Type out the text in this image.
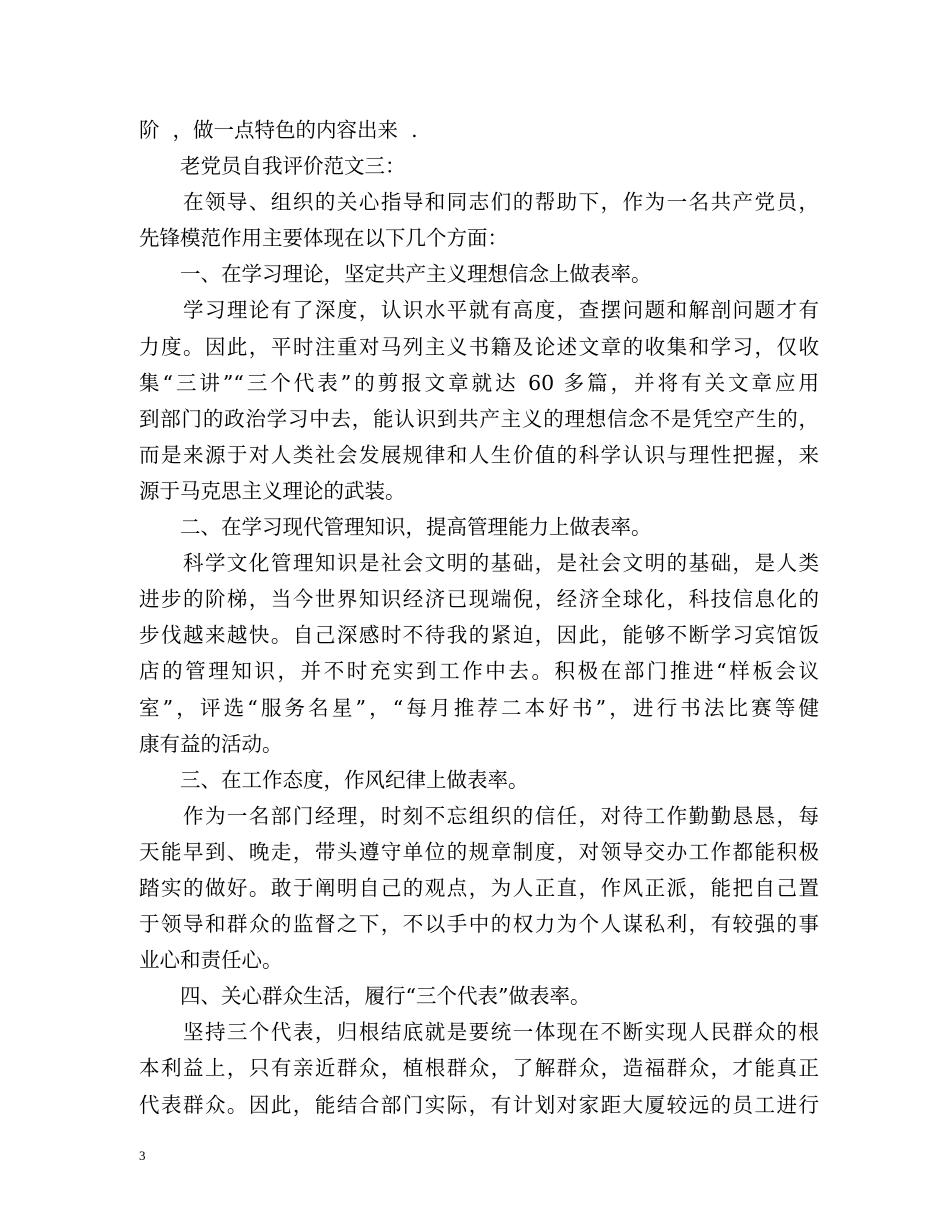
阶  ，做一点特色的内容出来  .
　　老党员自我评价范文三：
　　在领导、组织的关心指导和同志们的帮助下，作为一名共产党员，
先锋模范作用主要体现在以下几个方面：
　　一、在学习理论，坚定共产主义理想信念上做表率。
　　学习理论有了深度，认识水平就有高度，查摆问题和解剖问题才有
力度。因此，平时注重对马列主义书籍及论述文章的收集和学习，仅收
集“三讲”“三个代表”的剪报文章就达 60 多篇，并将有关文章应用
到部门的政治学习中去，能认识到共产主义的理想信念不是凭空产生的，
而是来源于对人类社会发展规律和人生价值的科学认识与理性把握，来
源于马克思主义理论的武装。
　　二、在学习现代管理知识，提高管理能力上做表率。
　　科学文化管理知识是社会文明的基础，是社会文明的基础，是人类
进步的阶梯，当今世界知识经济已现端倪，经济全球化，科技信息化的
步伐越来越快。自己深感时不待我的紧迫，因此，能够不断学习宾馆饭
店的管理知识，并不时充实到工作中去。积极在部门推进“样板会议
室”，评选“服务名星”，“每月推荐二本好书”，进行书法比赛等健
康有益的活动。
　　三、在工作态度，作风纪律上做表率。
　　作为一名部门经理，时刻不忘组织的信任，对待工作勤勤恳恳，每
天能早到、晚走，带头遵守单位的规章制度，对领导交办工作都能积极
踏实的做好。敢于阐明自己的观点，为人正直，作风正派，能把自己置
于领导和群众的监督之下，不以手中的权力为个人谋私利，有较强的事
业心和责任心。
　　四、关心群众生活，履行“三个代表”做表率。
　　坚持三个代表，归根结底就是要统一体现在不断实现人民群众的根
本利益上，只有亲近群众，植根群众，了解群众，造福群众，才能真正
代表群众。因此，能结合部门实际，有计划对家距大厦较远的员工进行
3
